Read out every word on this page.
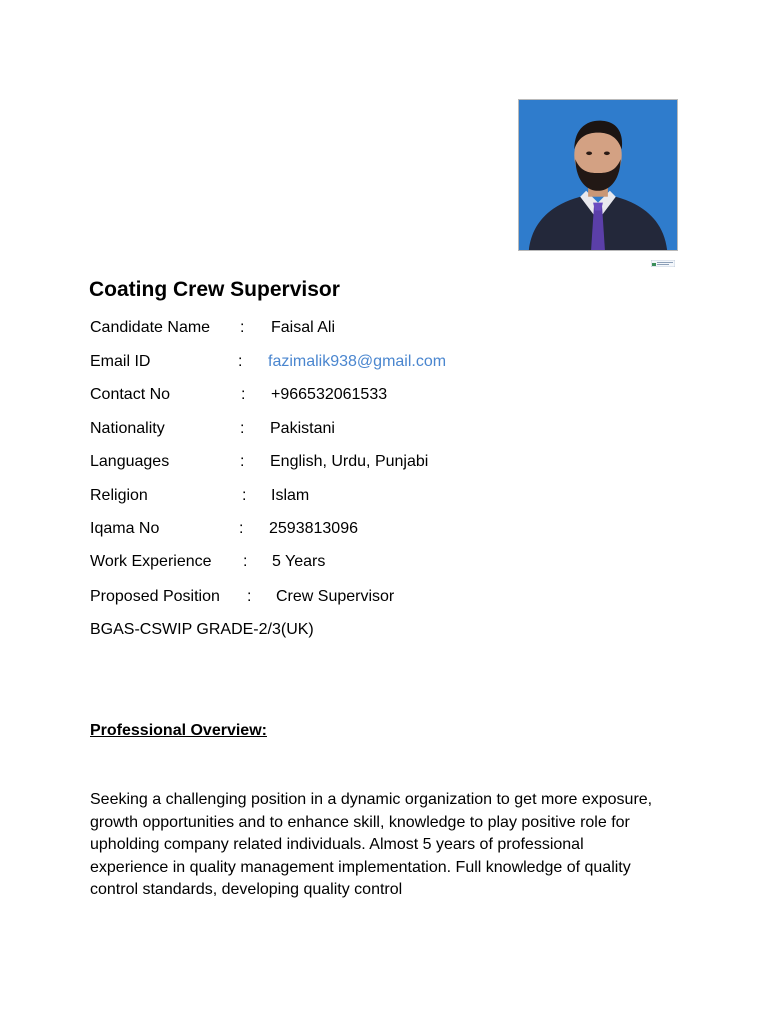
Coating Crew Supervisor
Candidate Name : Faisal Ali
Email ID	: fazimalik938@gmail.com
Contact No	: +966532061533
Nationality	: Pakistani
Languages	: English, Urdu, Punjabi
Religion	: Islam
Iqama No	: 2593813096
Work Experience : 5 Years
Proposed Position : Crew Supervisor
BGAS-CSWIP GRADE-2/3(UK)
Professional Overview:

Seeking a challenging position in a dynamic organization to get more exposure, growth opportunities and to enhance skill, knowledge to play positive role for upholding company related individuals. Almost 5 years of professional experience in quality management implementation. Full knowledge of quality control standards, developing quality control
